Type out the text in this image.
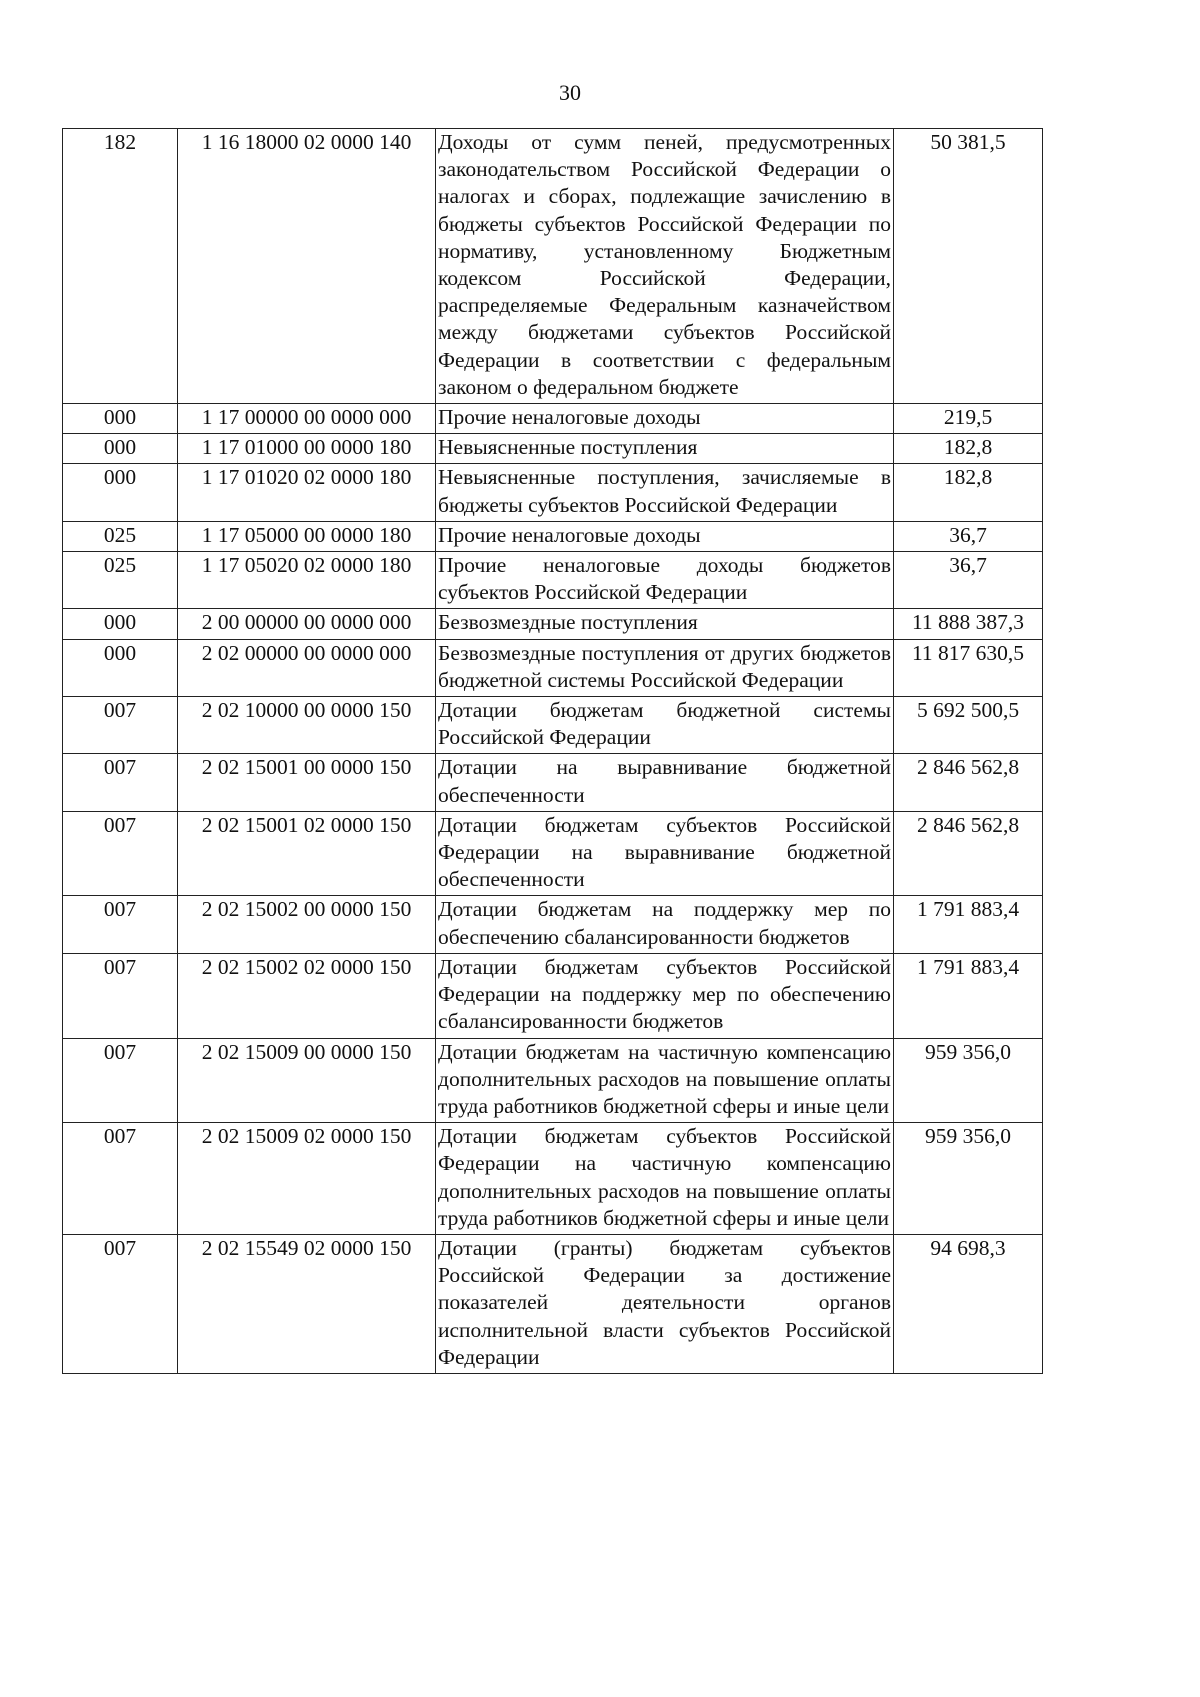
30
182	1 16 18000 02 0000 140	Доходы от сумм пеней, предусмотренных законодательством Российской Федерации о налогах и сборах, подлежащие зачислению в бюджеты субъектов Российской Федерации по нормативу, установленному Бюджетным кодексом Российской Федерации, распределяемые Федеральным казначейством между бюджетами субъектов Российской Федерации в соответствии с федеральным законом о федеральном бюджете	50 381,5
000	1 17 00000 00 0000 000	Прочие неналоговые доходы	219,5
000	1 17 01000 00 0000 180	Невыясненные поступления	182,8
000	1 17 01020 02 0000 180	Невыясненные поступления, зачисляемые в бюджеты субъектов Российской Федерации	182,8
025	1 17 05000 00 0000 180	Прочие неналоговые доходы	36,7
025	1 17 05020 02 0000 180	Прочие неналоговые доходы бюджетов субъектов Российской Федерации	36,7
000	2 00 00000 00 0000 000	Безвозмездные поступления	11 888 387,3
000	2 02 00000 00 0000 000	Безвозмездные поступления от других бюджетов бюджетной системы Российской Федерации	11 817 630,5
007	2 02 10000 00 0000 150	Дотации бюджетам бюджетной системы Российской Федерации	5 692 500,5
007	2 02 15001 00 0000 150	Дотации на выравнивание бюджетной обеспеченности	2 846 562,8
007	2 02 15001 02 0000 150	Дотации бюджетам субъектов Российской Федерации на выравнивание бюджетной обеспеченности	2 846 562,8
007	2 02 15002 00 0000 150	Дотации бюджетам на поддержку мер по обеспечению сбалансированности бюджетов	1 791 883,4
007	2 02 15002 02 0000 150	Дотации бюджетам субъектов Российской Федерации на поддержку мер по обеспечению сбалансированности бюджетов	1 791 883,4
007	2 02 15009 00 0000 150	Дотации бюджетам на частичную компенсацию дополнительных расходов на повышение оплаты труда работников бюджетной сферы и иные цели	959 356,0
007	2 02 15009 02 0000 150	Дотации бюджетам субъектов Российской Федерации на частичную компенсацию дополнительных расходов на повышение оплаты труда работников бюджетной сферы и иные цели	959 356,0
007	2 02 15549 02 0000 150	Дотации (гранты) бюджетам субъектов Российской Федерации за достижение показателей деятельности органов исполнительной власти субъектов Российской Федерации	94 698,3
